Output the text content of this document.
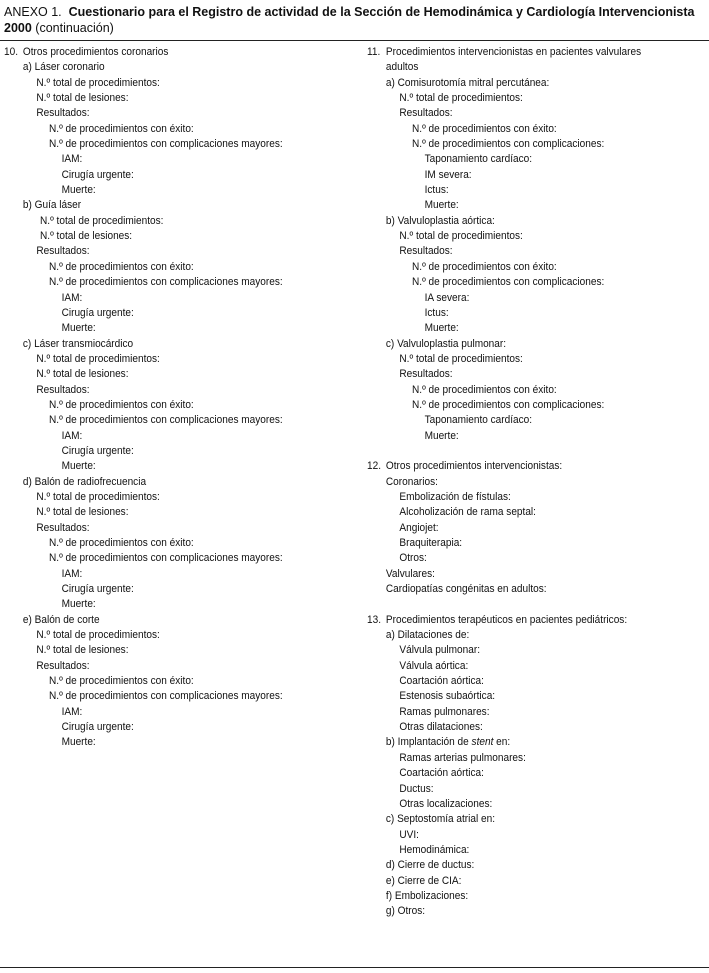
ANEXO 1. Cuestionario para el Registro de actividad de la Sección de Hemodinámica y Cardiología Intervencionista 2000 (continuación)
10. Otros procedimientos coronarios
a) Láser coronario
N.º total de procedimientos:
N.º total de lesiones:
Resultados:
N.º de procedimientos con éxito:
N.º de procedimientos con complicaciones mayores:
IAM:
Cirugía urgente:
Muerte:
b) Guía láser
N.º total de procedimientos:
N.º total de lesiones:
Resultados:
N.º de procedimientos con éxito:
N.º de procedimientos con complicaciones mayores:
IAM:
Cirugía urgente:
Muerte:
c) Láser transmiocárdico
N.º total de procedimientos:
N.º total de lesiones:
Resultados:
N.º de procedimientos con éxito:
N.º de procedimientos con complicaciones mayores:
IAM:
Cirugía urgente:
Muerte:
d) Balón de radiofrecuencia
N.º total de procedimientos:
N.º total de lesiones:
Resultados:
N.º de procedimientos con éxito:
N.º de procedimientos con complicaciones mayores:
IAM:
Cirugía urgente:
Muerte:
e) Balón de corte
N.º total de procedimientos:
N.º total de lesiones:
Resultados:
N.º de procedimientos con éxito:
N.º de procedimientos con complicaciones mayores:
IAM:
Cirugía urgente:
Muerte:
11. Procedimientos intervencionistas en pacientes valvulares
adultos
a) Comisurotomía mitral percutánea:
N.º total de procedimientos:
Resultados:
N.º de procedimientos con éxito:
N.º de procedimientos con complicaciones:
Taponamiento cardíaco:
IM severa:
Ictus:
Muerte:
b) Valvuloplastia aórtica:
N.º total de procedimientos:
Resultados:
N.º de procedimientos con éxito:
N.º de procedimientos con complicaciones:
IA severa:
Ictus:
Muerte:
c) Valvuloplastia pulmonar:
N.º total de procedimientos:
Resultados:
N.º de procedimientos con éxito:
N.º de procedimientos con complicaciones:
Taponamiento cardíaco:
Muerte:
12. Otros procedimientos intervencionistas:
Coronarios:
Embolización de fístulas:
Alcoholización de rama septal:
Angiojet:
Braquiterapia:
Otros:
Valvulares:
Cardiopatías congénitas en adultos:
13. Procedimientos terapéuticos en pacientes pediátricos:
a) Dilataciones de:
Válvula pulmonar:
Válvula aórtica:
Coartación aórtica:
Estenosis subaórtica:
Ramas pulmonares:
Otras dilataciones:
b) Implantación de stent en:
Ramas arterias pulmonares:
Coartación aórtica:
Ductus:
Otras localizaciones:
c) Septostomía atrial en:
UVI:
Hemodinámica:
d) Cierre de ductus:
e) Cierre de CIA:
f) Embolizaciones:
g) Otros:
